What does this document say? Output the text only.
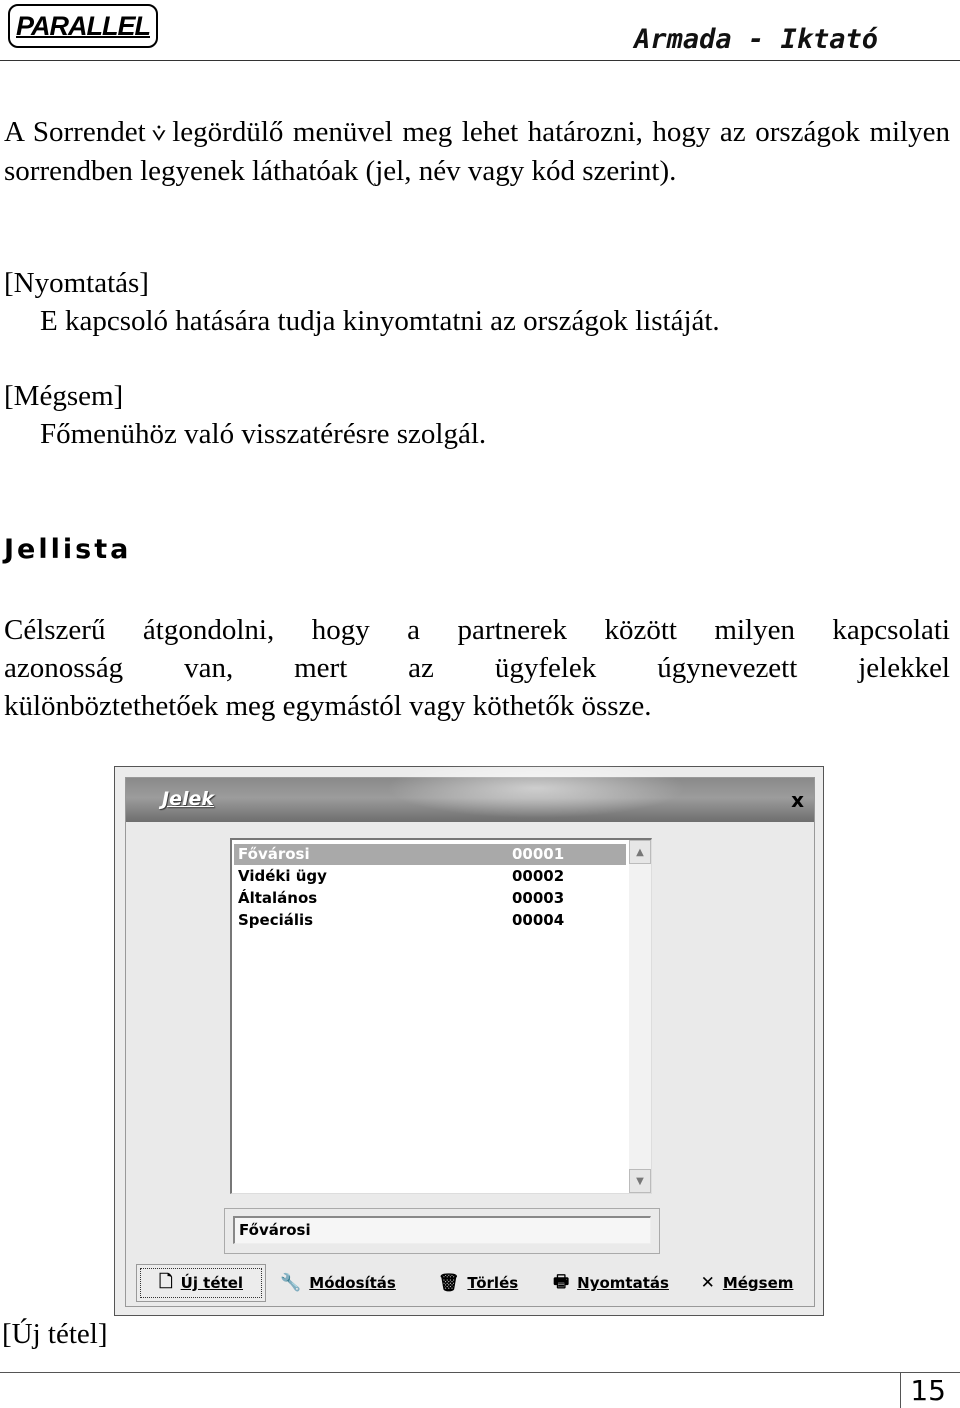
PARALLEL	Armada - Iktató
A Sorrendet ⩒ legördülő menüvel meg lehet határozni, hogy az országok milyen sorrendben legyenek láthatóak (jel, név vagy kód szerint).
[Nyomtatás]
E kapcsoló hatására tudja kinyomtatni az országok listáját.
[Mégsem]
Főmenühöz való visszatérésre szolgál.
Jellista
Célszerű átgondolni, hogy a partnerek között milyen kapcsolati
azonosság van, mert az ügyfelek úgynevezett jelekkel
különböztethetőek meg egymástól vagy köthetők össze.
Jelek	x
Fővárosi	00001
Vidéki ügy	00002
Általános	00003
Speciális	00004
▲
▼
Fővárosi
🗋 Új tétel 🔧 Módosítás 🗑 Törlés 🖶 Nyomtatás ✕ Mégsem
[Új tétel]
15
